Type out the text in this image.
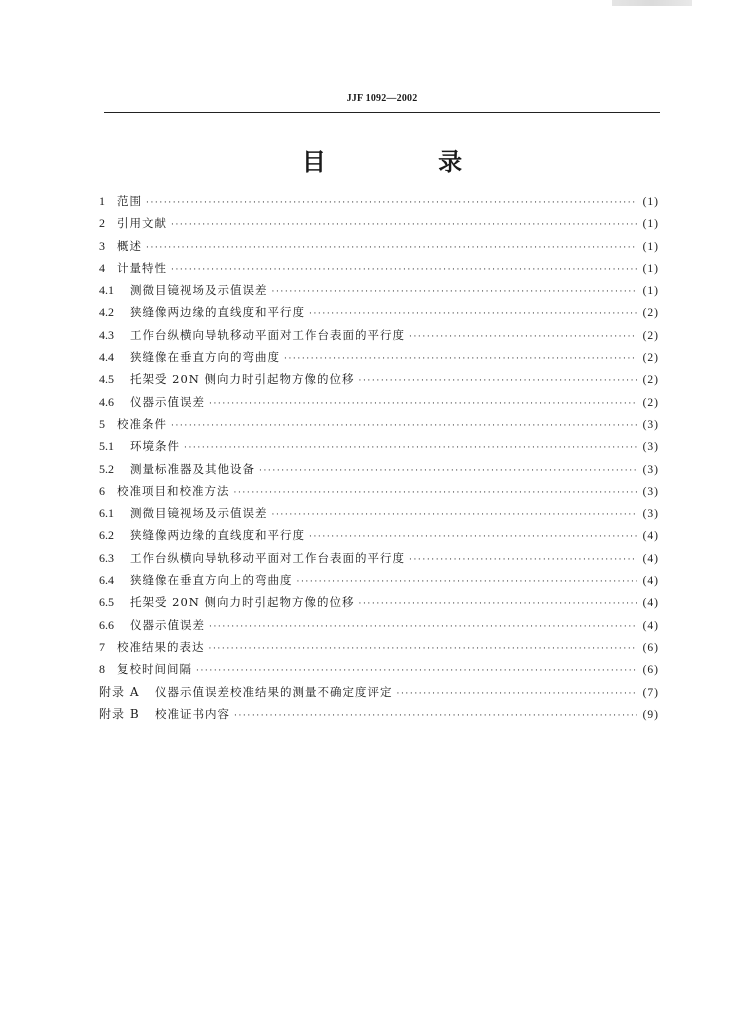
JJF 1092—2002
目 录
1	范围 ·····	(1)
2	引用文献 ·····	(1)
3	概述 ·····	(1)
4	计量特性 ·····	(1)
4.1	测微目镜视场及示值误差 ·····	(1)
4.2	狭缝像两边缘的直线度和平行度 ·····	(2)
4.3	工作台纵横向导轨移动平面对工作台表面的平行度 ·····	(2)
4.4	狭缝像在垂直方向的弯曲度 ·····	(2)
4.5	托架受 20N 侧向力时引起物方像的位移 ·····	(2)
4.6	仪器示值误差 ·····	(2)
5	校准条件 ·····	(3)
5.1	环境条件 ·····	(3)
5.2	测量标准器及其他设备 ·····	(3)
6	校准项目和校准方法 ·····	(3)
6.1	测微目镜视场及示值误差 ·····	(3)
6.2	狭缝像两边缘的直线度和平行度 ·····	(4)
6.3	工作台纵横向导轨移动平面对工作台表面的平行度 ·····	(4)
6.4	狭缝像在垂直方向上的弯曲度 ·····	(4)
6.5	托架受 20N 侧向力时引起物方像的位移 ·····	(4)
6.6	仪器示值误差 ·····	(4)
7	校准结果的表达 ·····	(6)
8	复校时间间隔 ·····	(6)
附录 A	仪器示值误差校准结果的测量不确定度评定 ·····	(7)
附录 B	校准证书内容 ·····	(9)
